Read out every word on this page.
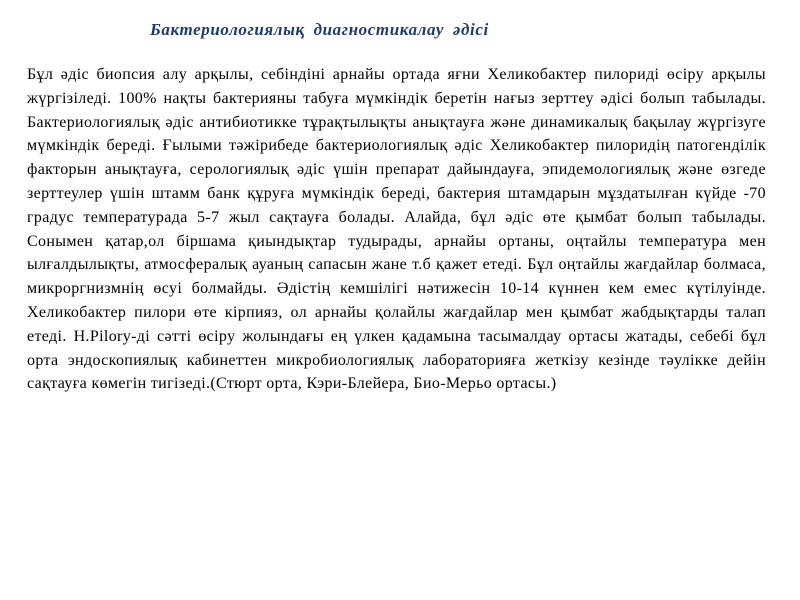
Бактериологиялық диагностикалау әдісі

Бұл әдіс биопсия алу арқылы, себіндіні арнайы ортада яғни Хеликобактер пилориді өсіру арқылы жүргізіледі. 100% нақты бактерияны табуға мүмкіндік беретін нағыз зерттеу әдісі болып табылады. Бактериологиялық әдіс антибиотикке тұрақтылықты анықтауға және динамикалық бақылау жүргізуге мүмкіндік береді. Ғылыми тәжірибеде бактериологиялық әдіс Хеликобактер пилоридің патогенділік факторын анықтауға, серологиялық әдіс үшін препарат дайындауға, эпидемологиялық және өзгеде зерттеулер үшін штамм банк құруға мүмкіндік береді, бактерия штамдарын мұздатылған күйде -70 градус температурада 5-7 жыл сақтауға болады. Алайда, бұл әдіс өте қымбат болып табылады. Сонымен қатар,ол біршама қиындықтар тудырады, арнайы ортаны, оңтайлы температура мен ылғалдылықты, атмосфералық ауаның сапасын жане т.б қажет етеді. Бұл оңтайлы жағдайлар болмаса, микроргнизмнің өсуі болмайды. Әдістің кемшілігі нәтижесін 10-14 күннен кем емес күтілуінде. Хеликобактер пилори өте кірпияз, ол арнайы қолайлы жағдайлар мен қымбат жабдықтарды талап етеді. H.Pilory-ді сәтті өсіру жолындағы ең үлкен қадамына тасымалдау ортасы жатады, себебі бұл орта эндоскопиялық кабинеттен микробиологиялық лабораторияға жеткізу кезінде тәулікке дейін сақтауға көмегін тигізеді.(Стюрт орта, Кэри-Блейера, Био-Мерьо ортасы.)
